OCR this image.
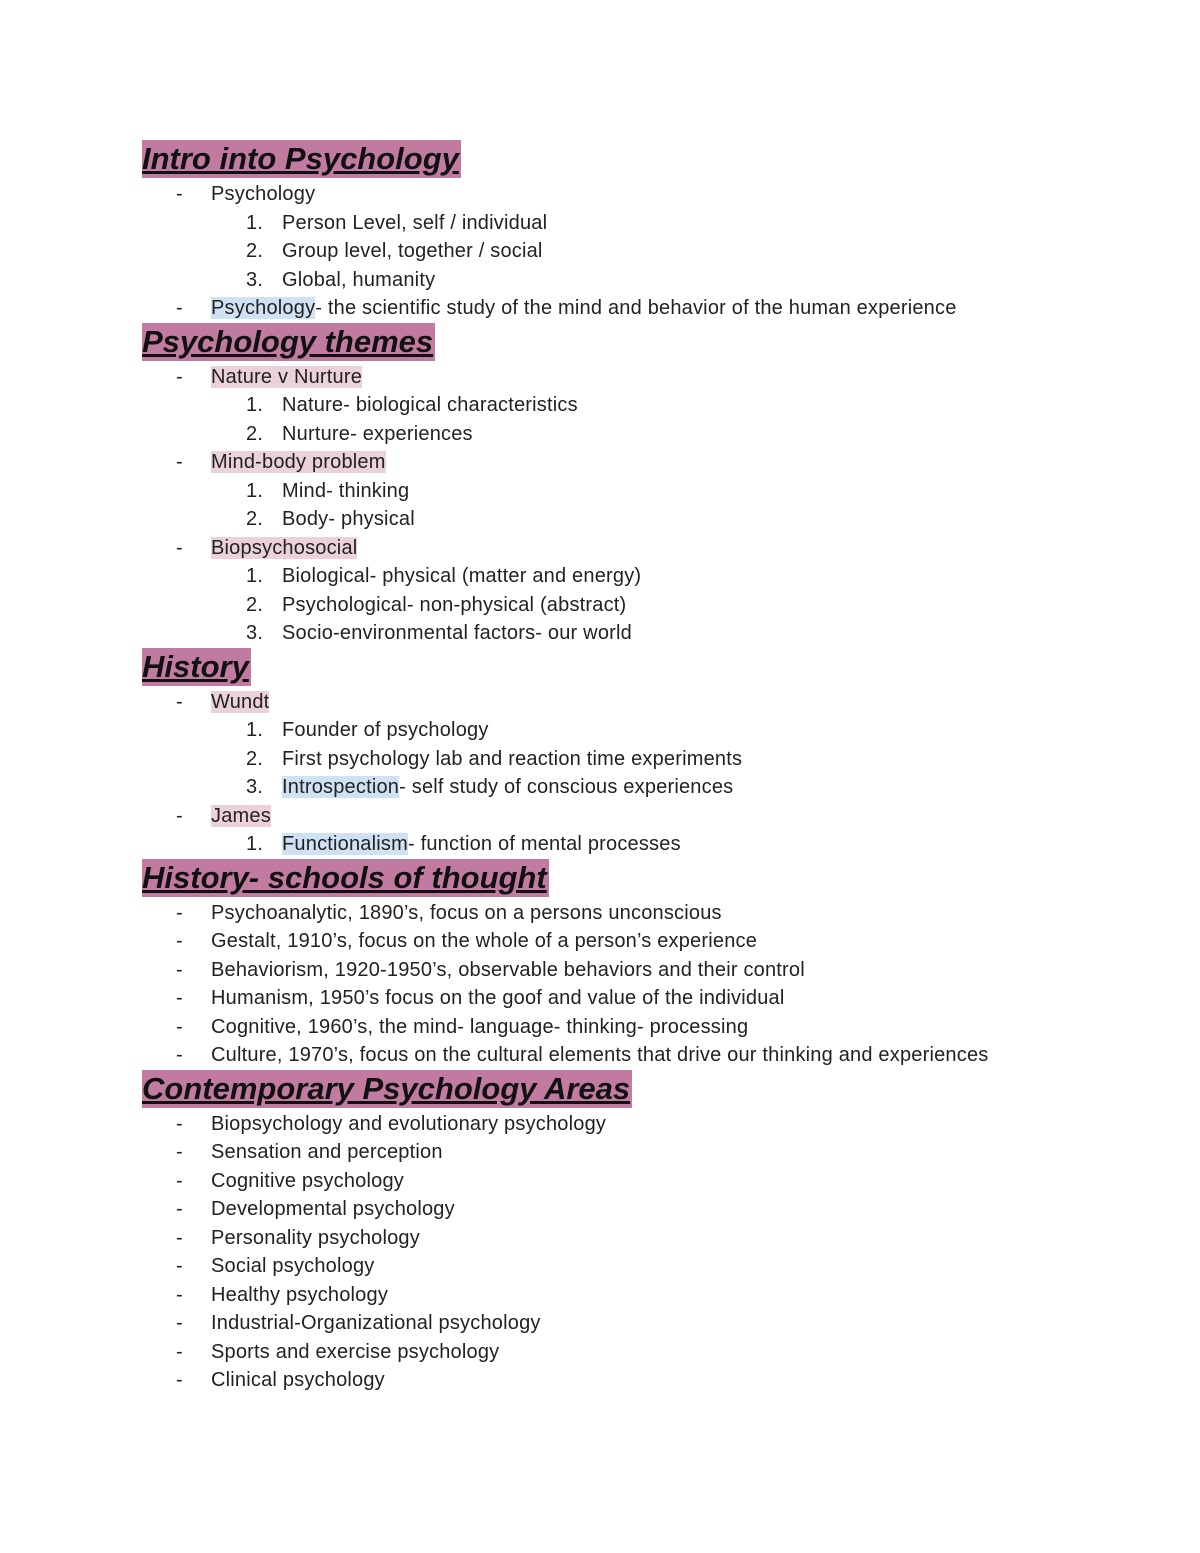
Intro into Psychology
- Psychology
1. Person Level, self / individual
2. Group level, together / social
3. Global, humanity
- Psychology- the scientific study of the mind and behavior of the human experience
Psychology themes
- Nature v Nurture
1. Nature- biological characteristics
2. Nurture- experiences
- Mind-body problem
1. Mind- thinking
2. Body- physical
- Biopsychosocial
1. Biological- physical (matter and energy)
2. Psychological- non-physical (abstract)
3. Socio-environmental factors- our world
History
- Wundt
1. Founder of psychology
2. First psychology lab and reaction time experiments
3. Introspection- self study of conscious experiences
- James
1. Functionalism- function of mental processes
History- schools of thought
- Psychoanalytic, 1890’s, focus on a persons unconscious
- Gestalt, 1910’s, focus on the whole of a person’s experience
- Behaviorism, 1920-1950’s, observable behaviors and their control
- Humanism, 1950’s focus on the goof and value of the individual
- Cognitive, 1960’s, the mind- language- thinking- processing
- Culture, 1970’s, focus on the cultural elements that drive our thinking and experiences
Contemporary Psychology Areas
- Biopsychology and evolutionary psychology
- Sensation and perception
- Cognitive psychology
- Developmental psychology
- Personality psychology
- Social psychology
- Healthy psychology
- Industrial-Organizational psychology
- Sports and exercise psychology
- Clinical psychology
